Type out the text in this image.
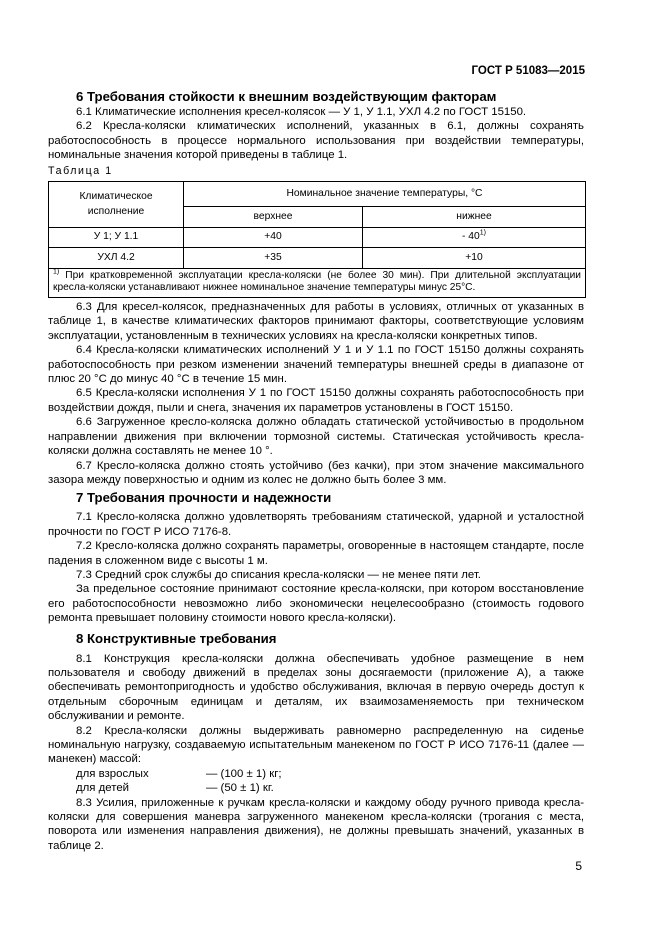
ГОСТ Р 51083—2015
6 Требования стойкости к внешним воздействующим факторам

6.1 Климатические исполнения кресел-колясок — У 1, У 1.1, УХЛ 4.2 по ГОСТ 15150.

6.2 Кресла-коляски климатических исполнений, указанных в 6.1, должны сохранять работоспособность в процессе нормального использования при воздействии температуры, номинальные значения которой приведены в таблице 1.

Таблица 1
Климатическое исполнение	Номинальное значение температуры, °С	
	верхнее	нижнее
У 1; У 1.1	+40	- 40$^{1)}$
УХЛ 4.2	+35	+10
$^{1)}$ При кратковременной эксплуатации кресла-коляски (не более 30 мин). При длительной эксплуатации кресла-коляски устанавливают нижнее номинальное значение температуры минус 25°С.		

6.3 Для кресел-колясок, предназначенных для работы в условиях, отличных от указанных в таблице 1, в качестве климатических факторов принимают факторы, соответствующие условиям эксплуатации, установленным в технических условиях на кресла-коляски конкретных типов.

6.4 Кресла-коляски климатических исполнений У 1 и У 1.1 по ГОСТ 15150 должны сохранять работоспособность при резком изменении значений температуры внешней среды в диапазоне от плюс 20 °С до минус 40 °С в течение 15 мин.

6.5 Кресла-коляски исполнения У 1 по ГОСТ 15150 должны сохранять работоспособность при воздействии дождя, пыли и снега, значения их параметров установлены в ГОСТ 15150.

6.6 Загруженное кресло-коляска должно обладать статической устойчивостью в продольном направлении движения при включении тормозной системы. Статическая устойчивость кресла-коляски должна составлять не менее 10 °.

6.7 Кресло-коляска должно стоять устойчиво (без качки), при этом значение максимального зазора между поверхностью и одним из колес не должно быть более 3 мм.

7 Требования прочности и надежности

7.1 Кресло-коляска должно удовлетворять требованиям статической, ударной и усталостной прочности по ГОСТ Р ИСО 7176-8.

7.2 Кресло-коляска должно сохранять параметры, оговоренные в настоящем стандарте, после падения в сложенном виде с высоты 1 м.

7.3 Средний срок службы до списания кресла-коляски — не менее пяти лет.

За предельное состояние принимают состояние кресла-коляски, при котором восстановление его работоспособности невозможно либо экономически нецелесообразно (стоимость годового ремонта превышает половину стоимости нового кресла-коляски).

8 Конструктивные требования

8.1 Конструкция кресла-коляски должна обеспечивать удобное размещение в нем пользователя и свободу движений в пределах зоны досягаемости (приложение А), а также обеспечивать ремонтопригодность и удобство обслуживания, включая в первую очередь доступ к отдельным сборочным единицам и деталям, их взаимозаменяемость при техническом обслуживании и ремонте.

8.2 Кресла-коляски должны выдерживать равномерно распределенную на сиденье номинальную нагрузку, создаваемую испытательным манекеном по ГОСТ Р ИСО 7176-11 (далее — манекен) массой:

для взрослых	— (100 ± 1) кг;

для детей	— (50 ± 1) кг.

8.3 Усилия, приложенные к ручкам кресла-коляски и каждому ободу ручного привода кресла-коляски для совершения маневра загруженного манекеном кресла-коляски (трогания с места, поворота или изменения направления движения), не должны превышать значений, указанных в таблице 2.

5
